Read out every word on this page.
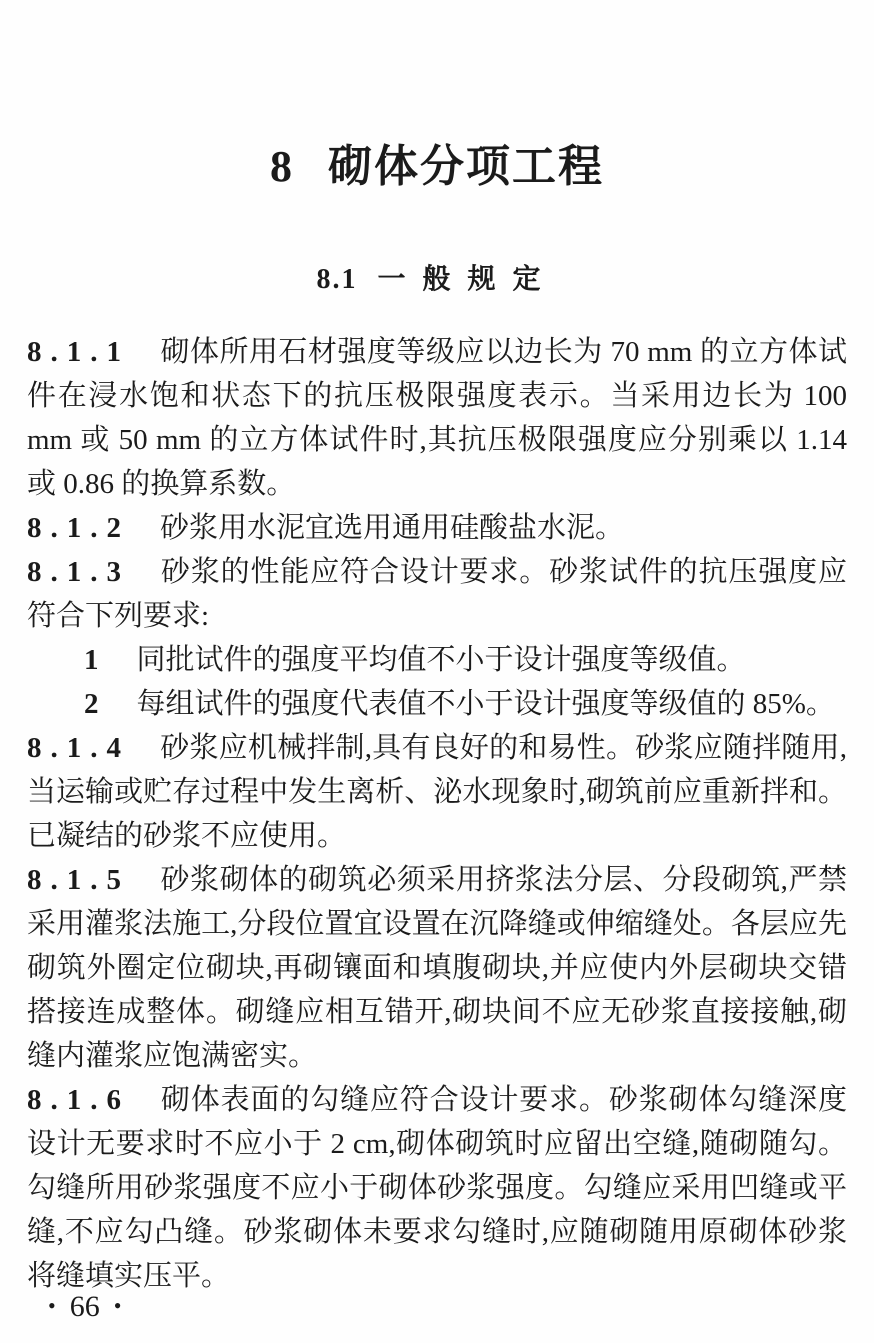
8 砌体分项工程
8.1 一般规定

8.1.1 砌体所用石材强度等级应以边长为 70 mm 的立方体试件在浸水饱和状态下的抗压极限强度表示。当采用边长为 100 mm 或 50 mm 的立方体试件时,其抗压极限强度应分别乘以 1.14 或 0.86 的换算系数。

8.1.2 砂浆用水泥宜选用通用硅酸盐水泥。

8.1.3 砂浆的性能应符合设计要求。砂浆试件的抗压强度应符合下列要求:

1 同批试件的强度平均值不小于设计强度等级值。

2 每组试件的强度代表值不小于设计强度等级值的 85%。

8.1.4 砂浆应机械拌制,具有良好的和易性。砂浆应随拌随用,当运输或贮存过程中发生离析、泌水现象时,砌筑前应重新拌和。已凝结的砂浆不应使用。

8.1.5 砂浆砌体的砌筑必须采用挤浆法分层、分段砌筑,严禁采用灌浆法施工,分段位置宜设置在沉降缝或伸缩缝处。各层应先砌筑外圈定位砌块,再砌镶面和填腹砌块,并应使内外层砌块交错搭接连成整体。砌缝应相互错开,砌块间不应无砂浆直接接触,砌缝内灌浆应饱满密实。

8.1.6 砌体表面的勾缝应符合设计要求。砂浆砌体勾缝深度设计无要求时不应小于 2 cm,砌体砌筑时应留出空缝,随砌随勾。勾缝所用砂浆强度不应小于砌体砂浆强度。勾缝应采用凹缝或平缝,不应勾凸缝。砂浆砌体未要求勾缝时,应随砌随用原砌体砂浆将缝填实压平。

• 66 •
